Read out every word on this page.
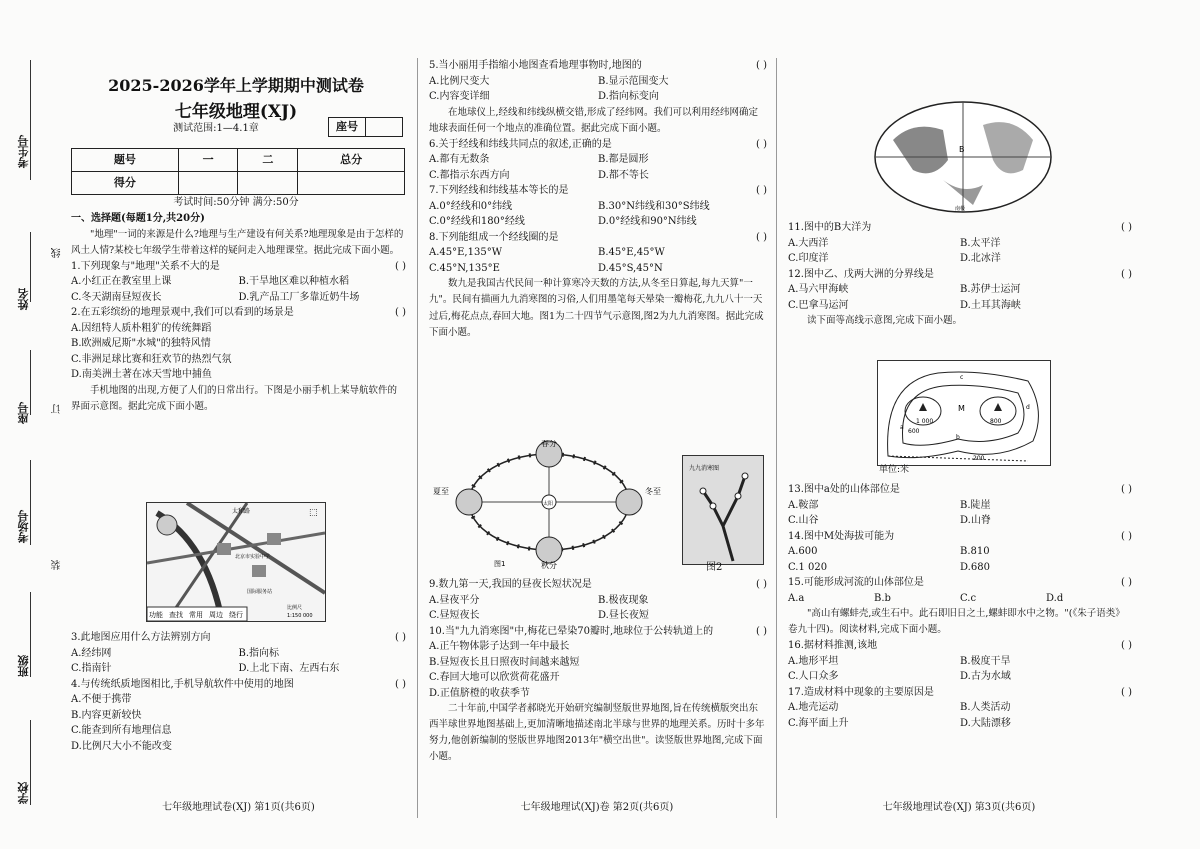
考生号
姓名
座号
考场号
班级
学校
线
订
装
2025-2026学年上学期期中测试卷
七年级地理(XJ)
测试范围:1—4.1章	座号
题号	一	二	总分
得分			
考试时间:50分钟 满分:50分
一、选择题(每题1分,共20分)

"地理"一词的来源是什么?地理与生产建设有何关系?地理现象是由于怎样的风土人情?某校七年级学生带着这样的疑问走入地理课堂。据此完成下面小题。

1.下列现象与"地理"关系不大的是	( )
A.小红正在教室里上课	B.干旱地区难以种植水稻
C.冬天湖南昼短夜长	D.乳产品工厂多靠近奶牛场
2.在五彩缤纷的地理景观中,我们可以看到的场景是	( )
A.因纽特人质朴粗犷的传统舞蹈
B.欧洲威尼斯"水城"的独特风情
C.非洲足球比赛和狂欢节的热烈气氛
D.南美洲土著在冰天雪地中捕鱼

手机地图的出现,方便了人们的日常出行。下图是小丽手机上某导航软件的界面示意图。据此完成下面小题。

太和路
北京市实验中学
国际服务站
比例尺
1:150 000
⬚
功能 查找 常用 周边 绕行
3.此地图应用什么方法辨别方向	( )
A.经纬网	B.指向标
C.指南针	D.上北下南、左西右东
4.与传统纸质地图相比,手机导航软件中使用的地图	( )
A.不便于携带
B.内容更新较快
C.能查到所有地理信息
D.比例尺大小不能改变
七年级地理试卷(XJ) 第1页(共6页)
5.当小丽用手指缩小地图查看地理事物时,地图的	( )
A.比例尺变大	B.显示范围变大
C.内容变详细	D.指向标变向

在地球仪上,经线和纬线纵横交错,形成了经纬网。我们可以利用经纬网确定地球表面任何一个地点的准确位置。据此完成下面小题。

6.关于经线和纬线共同点的叙述,正确的是	( )
A.都有无数条	B.都是圆形
C.都指示东西方向	D.都不等长
7.下列经线和纬线基本等长的是	( )
A.0°经线和0°纬线	B.30°N纬线和30°S纬线
C.0°经线和180°经线	D.0°经线和90°N纬线
8.下列能组成一个经线圈的是	( )
A.45°E,135°W	B.45°E,45°W
C.45°N,135°E	D.45°S,45°N

数九是我国古代民间一种计算寒冷天数的方法,从冬至日算起,每九天算"一九"。民间有描画九九消寒图的习俗,人们用墨笔每天晕染一瓣梅花,九九八十一天过后,梅花点点,春回大地。图1为二十四节气示意图,图2为九九消寒图。据此完成下面小题。

太阳
春分
夏至
秋分
冬至
图1
九九消寒图
图2
9.数九第一天,我国的昼夜长短状况是	( )
A.昼夜平分	B.极夜现象
C.昼短夜长	D.昼长夜短
10.当"九九消寒图"中,梅花已晕染70瓣时,地球位于公转轨道上的	( )
A.正午物体影子达到一年中最长
B.昼短夜长且日照夜时间越来越短
C.春回大地可以欣赏荷花盛开
D.正值脐橙的收获季节

二十年前,中国学者郝晓光开始研究编制竖版世界地图,旨在传统横版突出东西半球世界地图基础上,更加清晰地描述南北半球与世界的地理关系。历时十多年努力,他创新编制的竖版世界地图2013年"横空出世"。读竖版世界地图,完成下面小题。

七年级地理试(XJ)卷 第2页(共6页)
B
南极
11.图中的B大洋为	( )
A.大西洋	B.太平洋
C.印度洋	D.北冰洋
12.图中乙、戊两大洲的分界线是	( )
A.马六甲海峡	B.苏伊士运河
C.巴拿马运河	D.土耳其海峡

读下面等高线示意图,完成下面小题。

M
1 000	800
600
200
a
b
c
d
单位:米
13.图中a处的山体部位是	( )
A.鞍部	B.陡崖
C.山谷	D.山脊
14.图中M处海拔可能为	( )
A.600	B.810
C.1 020	D.680
15.可能形成河流的山体部位是	( )
A.a	B.b	C.c	D.d

"高山有螺蚌壳,或生石中。此石即旧日之土,螺蚌即水中之物。"(《朱子语类》卷九十四)。阅读材料,完成下面小题。

16.据材料推测,该地	( )
A.地形平坦	B.极度干旱
C.人口众多	D.古为水域
17.造成材料中现象的主要原因是	( )
A.地壳运动	B.人类活动
C.海平面上升	D.大陆漂移
七年级地理试卷(XJ) 第3页(共6页)
